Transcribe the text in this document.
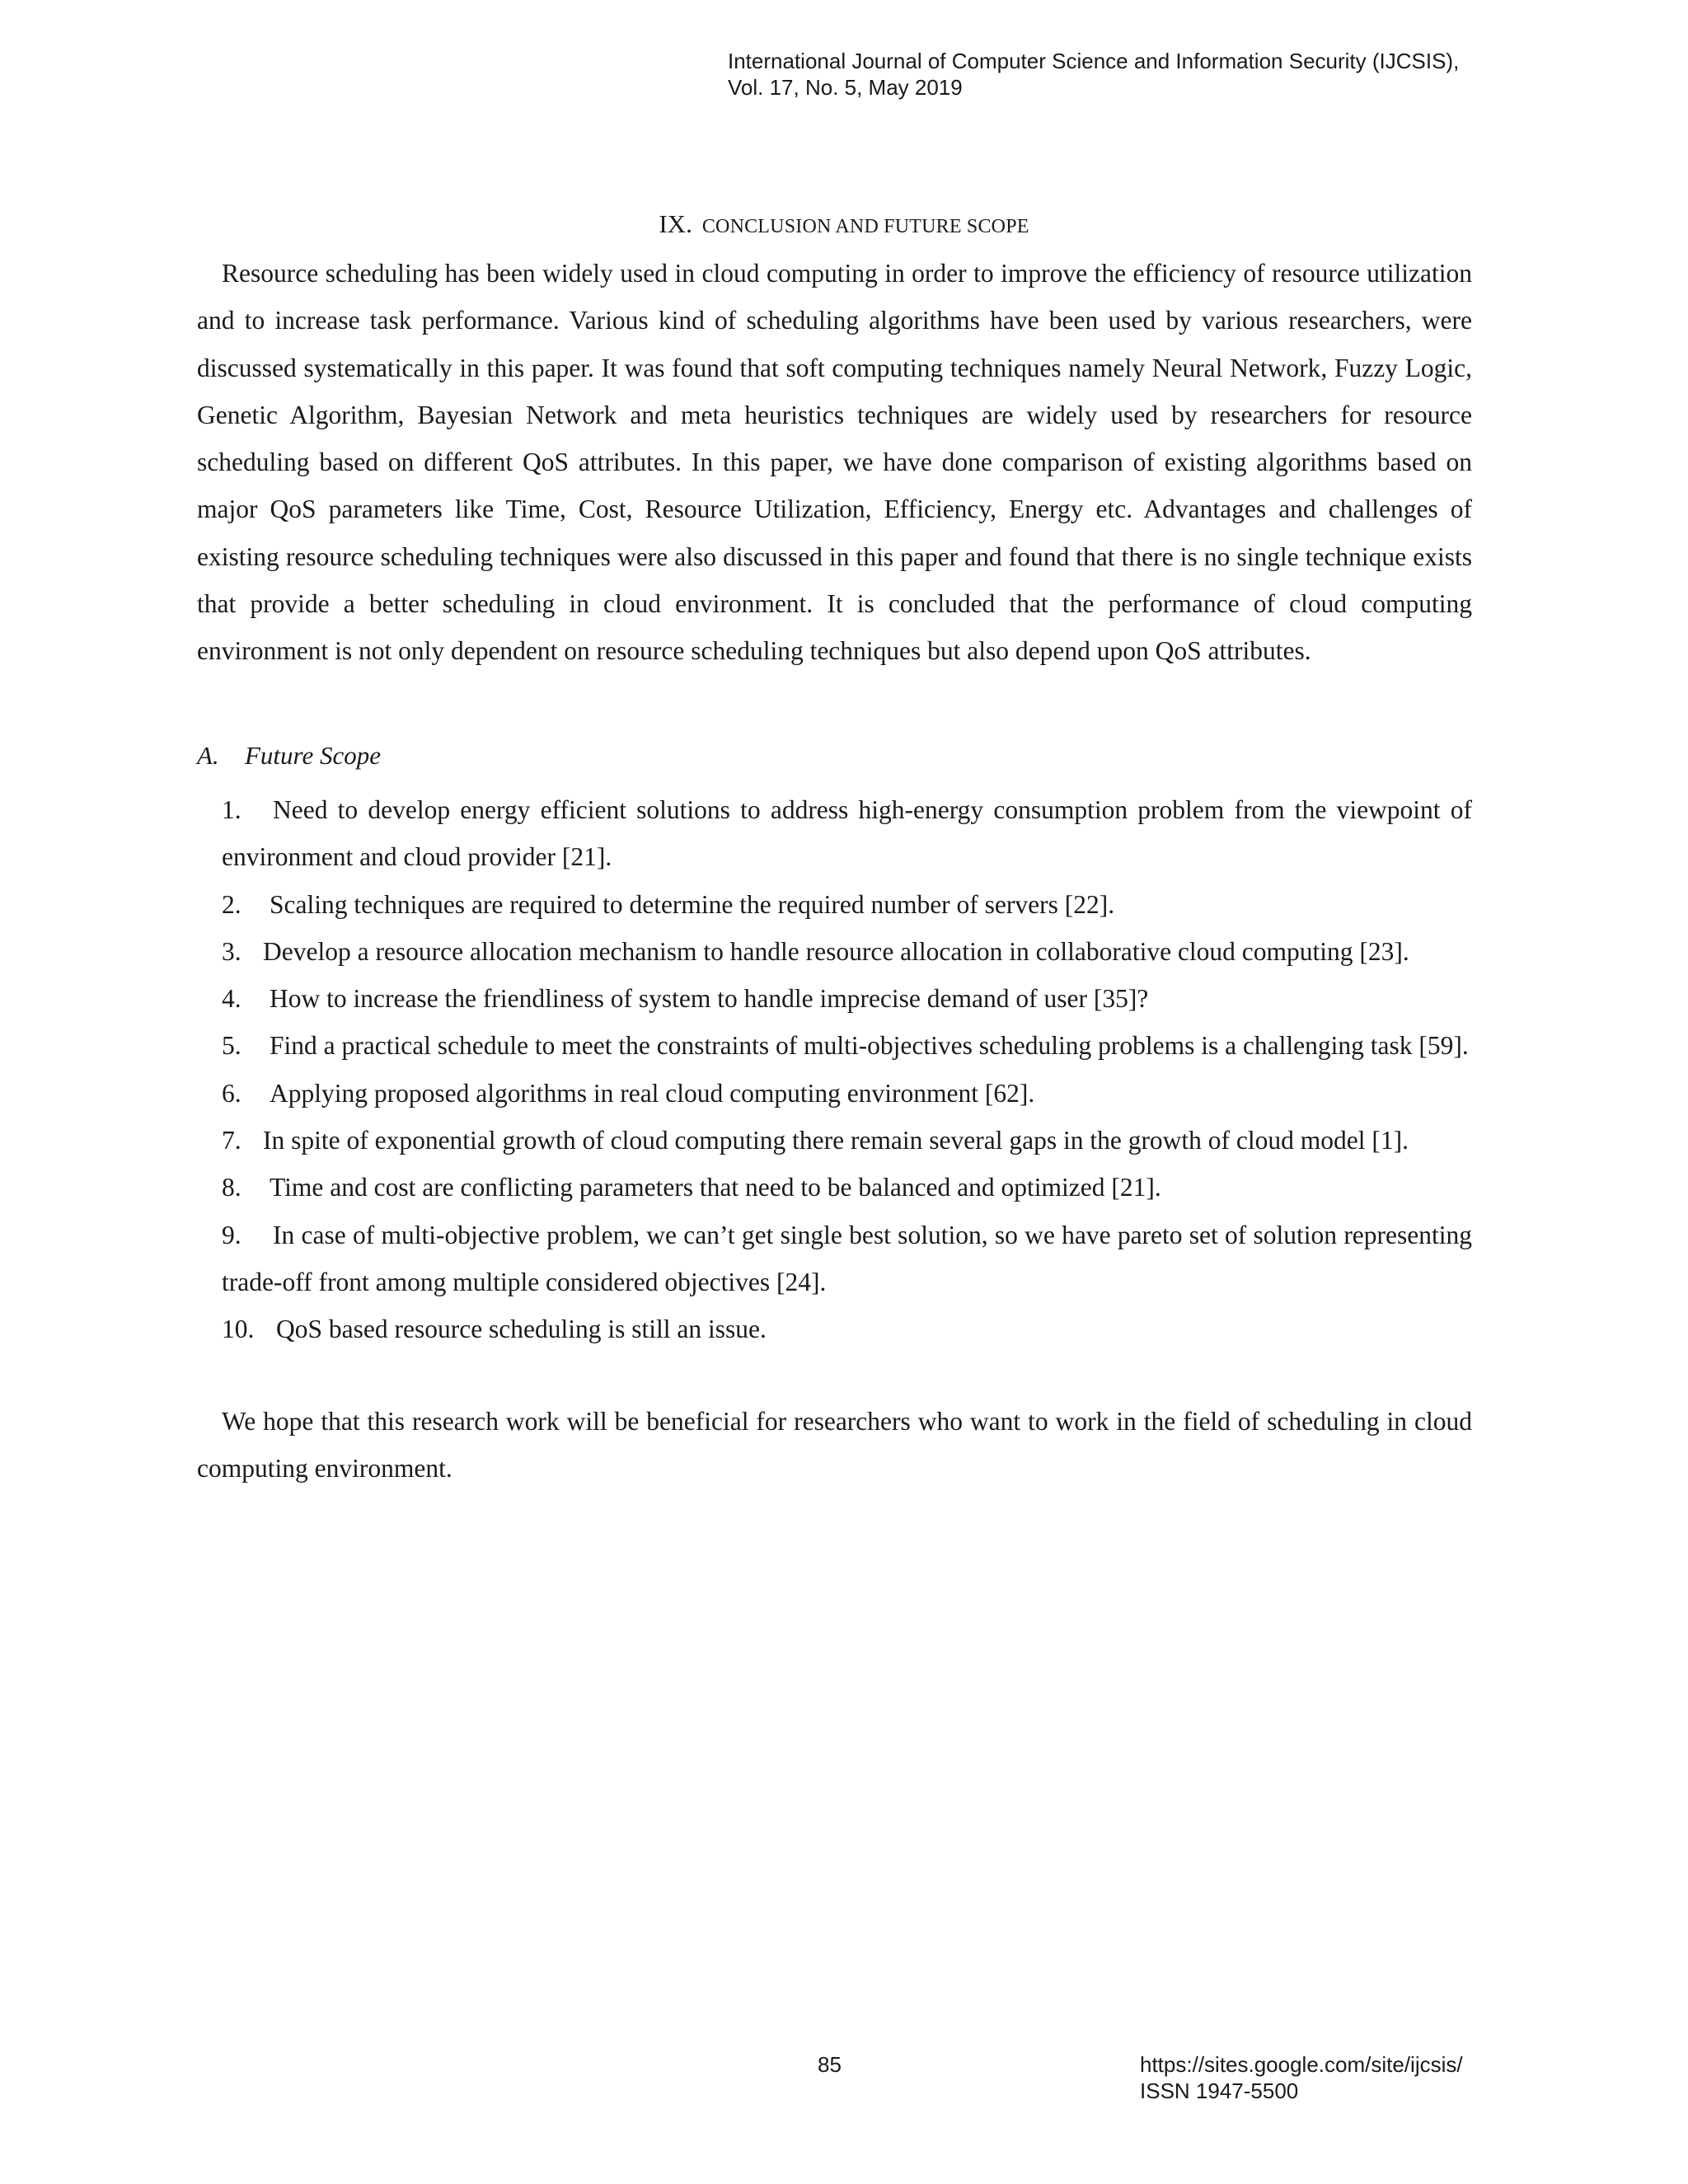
International Journal of Computer Science and Information Security (IJCSIS),
Vol. 17, No. 5, May 2019
IX. CONCLUSION AND FUTURE SCOPE
Resource scheduling has been widely used in cloud computing in order to improve the efficiency of resource utilization and to increase task performance. Various kind of scheduling algorithms have been used by various researchers, were discussed systematically in this paper. It was found that soft computing techniques namely Neural Network, Fuzzy Logic, Genetic Algorithm, Bayesian Network and meta heuristics techniques are widely used by researchers for resource scheduling based on different QoS attributes. In this paper, we have done comparison of existing algorithms based on major QoS parameters like Time, Cost, Resource Utilization, Efficiency, Energy etc. Advantages and challenges of existing resource scheduling techniques were also discussed in this paper and found that there is no single technique exists that provide a better scheduling in cloud environment. It is concluded that the performance of cloud computing environment is not only dependent on resource scheduling techniques but also depend upon QoS attributes.
A. Future Scope
1. Need to develop energy efficient solutions to address high-energy consumption problem from the viewpoint of environment and cloud provider [21].
2. Scaling techniques are required to determine the required number of servers [22].
3. Develop a resource allocation mechanism to handle resource allocation in collaborative cloud computing [23].
4. How to increase the friendliness of system to handle imprecise demand of user [35]?
5. Find a practical schedule to meet the constraints of multi-objectives scheduling problems is a challenging task [59].
6. Applying proposed algorithms in real cloud computing environment [62].
7. In spite of exponential growth of cloud computing there remain several gaps in the growth of cloud model [1].
8. Time and cost are conflicting parameters that need to be balanced and optimized [21].
9. In case of multi-objective problem, we can’t get single best solution, so we have pareto set of solution representing trade-off front among multiple considered objectives [24].
10. QoS based resource scheduling is still an issue.
We hope that this research work will be beneficial for researchers who want to work in the field of scheduling in cloud computing environment.
85	https://sites.google.com/site/ijcsis/
ISSN 1947-5500
